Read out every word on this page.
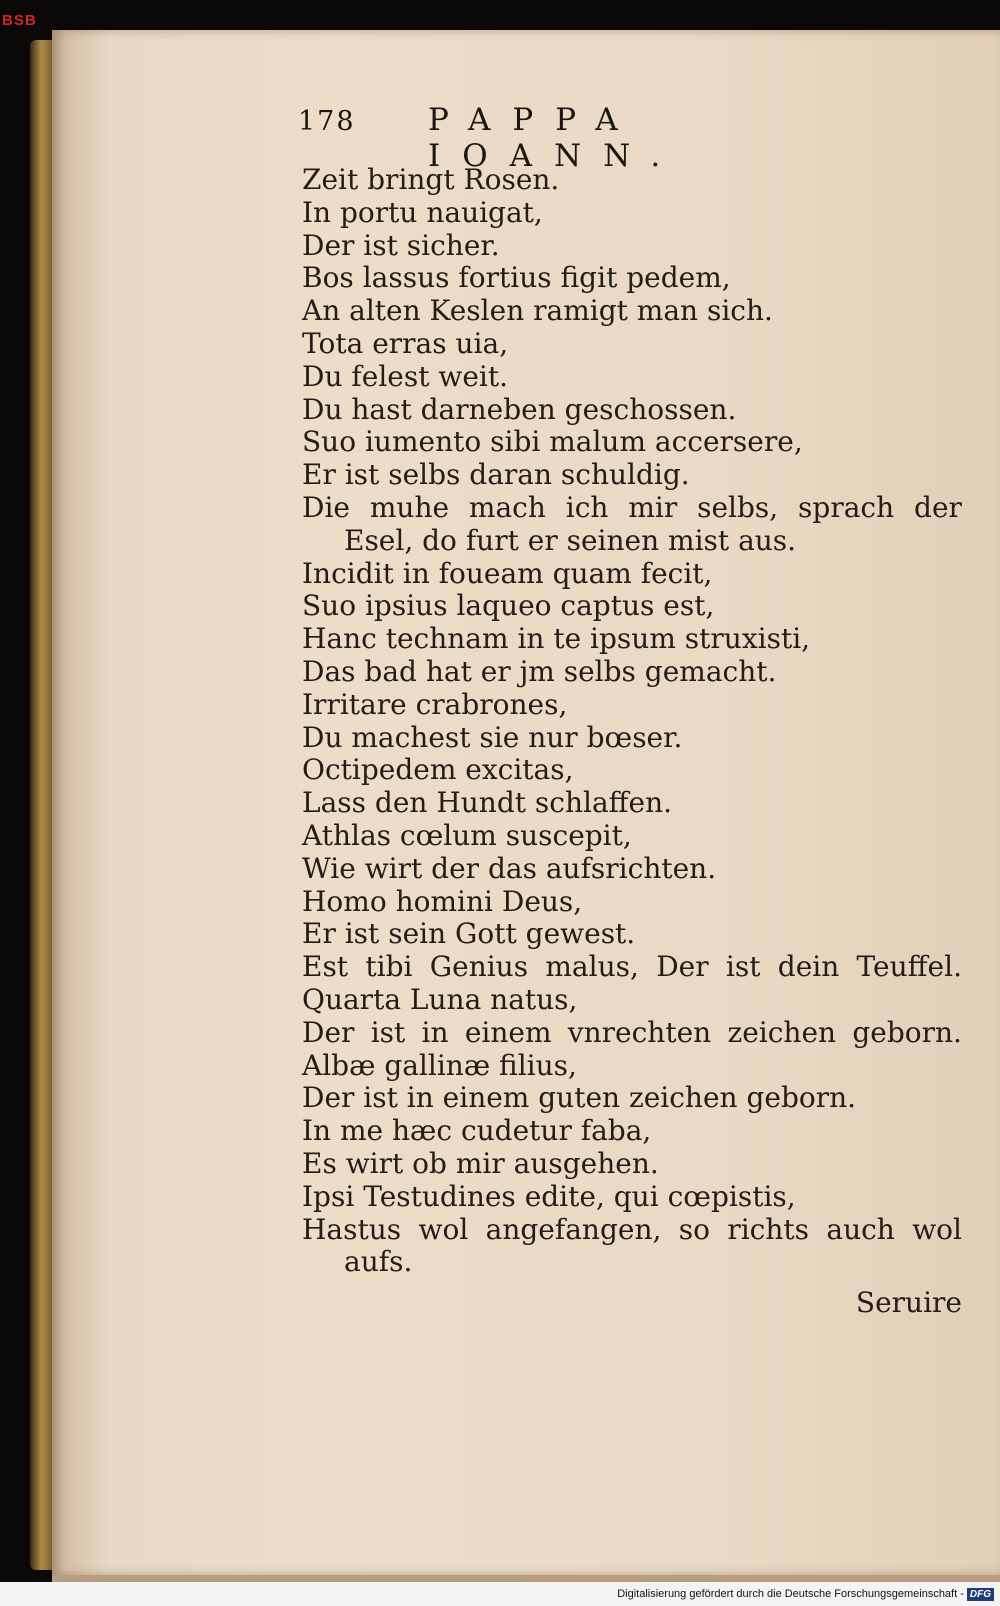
BSB
178 PAPPA IOANN.
Zeit bringt Rosen.
In portu nauigat,
Der ist sicher.
Bos lassus fortius figit pedem,
An alten Keslen ramigt man sich.
Tota erras uia,
Du felest weit.
Du hast darneben geschossen.
Suo iumento sibi malum accersere,
Er ist selbs daran schuldig.
Die muhe mach ich mir selbs, sprach der
Esel, do furt er seinen mist aus.
Incidit in foueam quam fecit,
Suo ipsius laqueo captus est,
Hanc technam in te ipsum struxisti,
Das bad hat er jm selbs gemacht.
Irritare crabrones,
Du machest sie nur bœser.
Octipedem excitas,
Lass den Hundt schlaffen.
Athlas cœlum suscepit,
Wie wirt der das aufsrichten.
Homo homini Deus,
Er ist sein Gott gewest.
Est tibi Genius malus, Der ist dein Teuffel.
Quarta Luna natus,
Der ist in einem vnrechten zeichen geborn.
Albæ gallinæ filius,
Der ist in einem guten zeichen geborn.
In me hæc cudetur faba,
Es wirt ob mir ausgehen.
Ipsi Testudines edite, qui cœpistis,
Hastus wol angefangen, so richts auch wol
aufs.
Seruire
Digitalisierung gefördert durch die Deutsche Forschungsgemeinschaft - DFG
